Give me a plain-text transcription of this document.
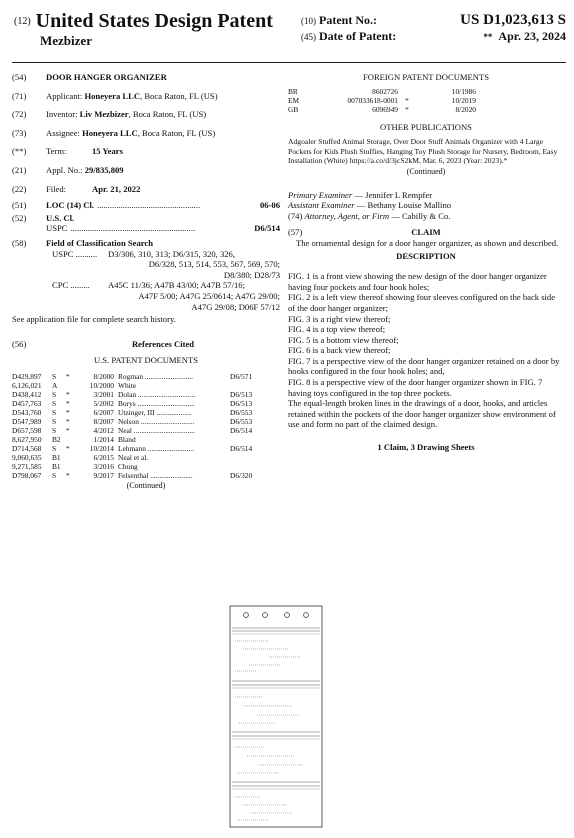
(12) United States Design Patent
Mezbizer
(10) Patent No.:	US D1,023,613 S
(45) Date of Patent:	** Apr. 23, 2024
(54)	DOOR HANGER ORGANIZER
(71)	Applicant: Honeyera LLC, Boca Raton, FL (US)
(72)	Inventor: Liv Mezbizer, Boca Raton, FL (US)
(73)	Assignee: Honeyera LLC, Boca Raton, FL (US)
(**)	Term:	15 Years
(21)	Appl. No.: 29/835,809
(22)	Filed:	Apr. 21, 2022
(51)	LOC (14) Cl. ................................................	06-06
(52)	U.S. Cl.

USPC ..........................................................	D6/514
(58)	Field of Classification Search
USPC .......... D3/306, 310, 313; D6/315, 320, 326,

D6/328, 513, 514, 553, 567, 569, 570;
D8/380; D28/73
CPC ......... A45C 11/36; A47B 43/00; A47B 57/16;

A47F 5/00; A47G 25/0614; A47G 29/00;
A47G 29/08; D06F 57/12
See application file for complete search history.
(56)	References Cited
U.S. PATENT DOCUMENTS
D429,897	S	*	8/2000 Rogman ..........................	D6/571
6,126,021	A	10/2000 White
D438,412	S	*	3/2001 Dolan ...............................	D6/513
D457,763	S	*	5/2002 Borys ...............................	D6/513
D543,760	S	*	6/2007 Utzinger, III ...................	D6/553
D547,989	S	*	8/2007 Nelson .............................	D6/553
D657,598	S	*	4/2012 Neal .................................	D6/514
8,627,950	B2	1/2014 Bland
D714,568	S	*	10/2014 Lehmann .........................	D6/514
9,060,635	B1	6/2015 Neal et al.
9,271,585	B1	3/2016 Chung
D798,067	S	*	9/2017 Felsenthal .......................	D6/320
(Continued)
FOREIGN PATENT DOCUMENTS
BR	8602726	10/1986
EM	007033618-0001 *	10/2019
GB	6096949 *	8/2020
OTHER PUBLICATIONS

Adgoaler Stuffed Animal Storage, Over Door Stuff Animals Organizer with 4 Large Pockets for Kids Plush Stuffies, Hanging Toy Plush Storage for Nursery, Bedroom, Easy Installation (White) https://a.co/d/3jcS2kM, Mar. 6, 2023 (Year: 2023).*

(Continued)
Primary Examiner — Jennifer L Rempfer
Assistant Examiner — Bethany Louise Mallino
(74) Attorney, Agent, or Firm — Cabilly & Co.
(57)	CLAIM

The ornamental design for a door hanger organizer, as shown and described.

DESCRIPTION

FIG. 1 is a front view showing the new design of the door hanger organizer having four pockets and four hook holes;

FIG. 2 is a left view thereof showing four sleeves configured on the back side of the door hanger organizer;

FIG. 3 is a right view thereof;

FIG. 4 is a top view thereof;

FIG. 5 is a bottom view thereof;

FIG. 6 is a back view thereof;

FIG. 7 is a perspective view of the door hanger organizer retained on a door by hooks configured in the four hook holes; and,

FIG. 8 is a perspective view of the door hanger organizer shown in FIG. 7 having toys configured in the top three pockets.

The equal-length broken lines in the drawings of a door, hooks, and articles retained within the pockets of the door hanger organizer show environment of use and form no part of the claimed design.

1 Claim, 3 Drawing Sheets
